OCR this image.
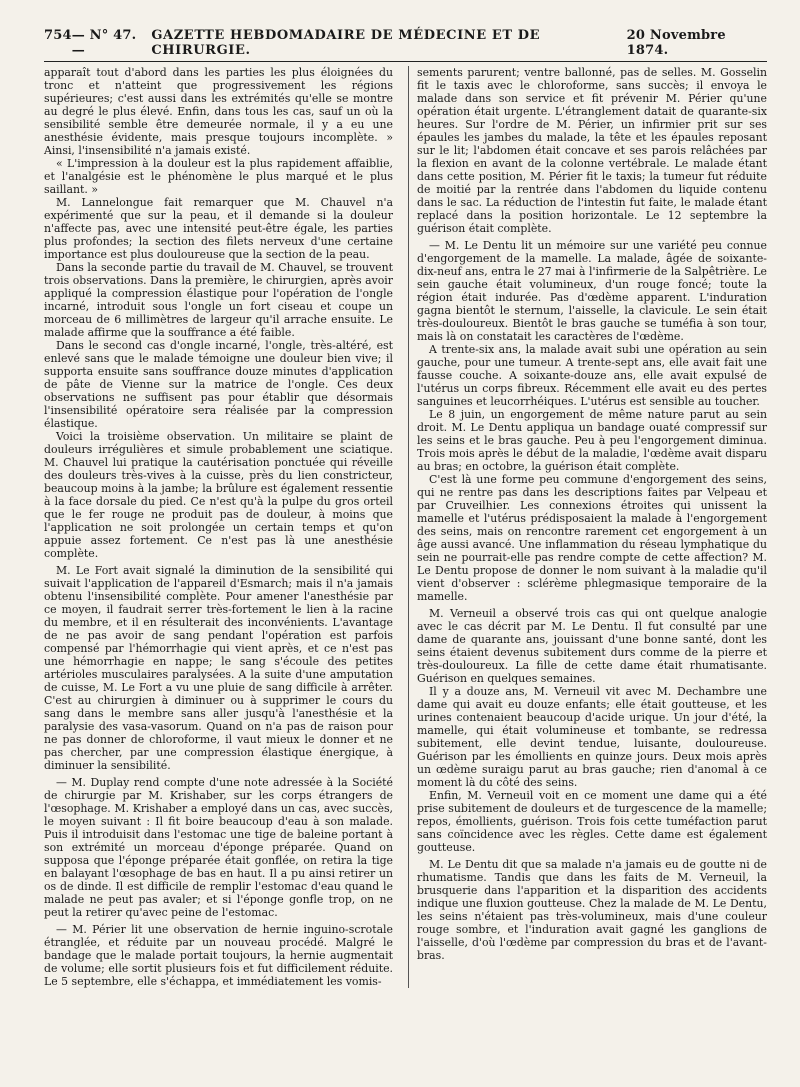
754 — N° 47. —
GAZETTE HEBDOMADAIRE DE MÉDECINE ET DE CHIRURGIE.
20 Novembre 1874.

apparaît tout d'abord dans les parties les plus éloignées du tronc et n'atteint que progressivement les régions supérieures; c'est aussi dans les extrémités qu'elle se montre au degré le plus élevé. Enfin, dans tous les cas, sauf un où la sensibilité semble être demeurée normale, il y a eu une anesthésie évidente, mais presque toujours incomplète. » Ainsi, l'insensibilité n'a jamais existé.

« L'impression à la douleur est la plus rapidement affaiblie, et l'analgésie est le phénomène le plus marqué et le plus saillant. »

M. Lannelongue fait remarquer que M. Chauvel n'a expérimenté que sur la peau, et il demande si la douleur n'affecte pas, avec une intensité peut-être égale, les parties plus profondes; la section des filets nerveux d'une certaine importance est plus douloureuse que la section de la peau.

Dans la seconde partie du travail de M. Chauvel, se trouvent trois observations. Dans la première, le chirurgien, après avoir appliqué la compression élastique pour l'opération de l'ongle incarné, introduit sous l'ongle un fort ciseau et coupe un morceau de 6 millimètres de largeur qu'il arrache ensuite. Le malade affirme que la souffrance a été faible.

Dans le second cas d'ongle incarné, l'ongle, très-altéré, est enlevé sans que le malade témoigne une douleur bien vive; il supporta ensuite sans souffrance douze minutes d'application de pâte de Vienne sur la matrice de l'ongle. Ces deux observations ne suffisent pas pour établir que désormais l'insensibilité opératoire sera réalisée par la compression élastique.

Voici la troisième observation. Un militaire se plaint de douleurs irrégulières et simule probablement une sciatique. M. Chauvel lui pratique la cautérisation ponctuée qui réveille des douleurs très-vives à la cuisse, près du lien constricteur, beaucoup moins à la jambe; la brûlure est également ressentie à la face dorsale du pied. Ce n'est qu'à la pulpe du gros orteil que le fer rouge ne produit pas de douleur, à moins que l'application ne soit prolongée un certain temps et qu'on appuie assez fortement. Ce n'est pas là une anesthésie complète.

M. Le Fort avait signalé la diminution de la sensibilité qui suivait l'application de l'appareil d'Esmarch; mais il n'a jamais obtenu l'insensibilité complète. Pour amener l'anesthésie par ce moyen, il faudrait serrer très-fortement le lien à la racine du membre, et il en résulterait des inconvénients. L'avantage de ne pas avoir de sang pendant l'opération est parfois compensé par l'hémorrhagie qui vient après, et ce n'est pas une hémorrhagie en nappe; le sang s'écoule des petites artérioles musculaires paralysées. A la suite d'une amputation de cuisse, M. Le Fort a vu une pluie de sang difficile à arrêter. C'est au chirurgien à diminuer ou à supprimer le cours du sang dans le membre sans aller jusqu'à l'anesthésie et la paralysie des vasa-vasorum. Quand on n'a pas de raison pour ne pas donner de chloroforme, il vaut mieux le donner et ne pas chercher, par une compression élastique énergique, à diminuer la sensibilité.

— M. Duplay rend compte d'une note adressée à la Société de chirurgie par M. Krishaber, sur les corps étrangers de l'œsophage. M. Krishaber a employé dans un cas, avec succès, le moyen suivant : Il fit boire beaucoup d'eau à son malade. Puis il introduisit dans l'estomac une tige de baleine portant à son extrémité un morceau d'éponge préparée. Quand on supposa que l'éponge préparée était gonflée, on retira la tige en balayant l'œsophage de bas en haut. Il a pu ainsi retirer un os de dinde. Il est difficile de remplir l'estomac d'eau quand le malade ne peut pas avaler; et si l'éponge gonfle trop, on ne peut la retirer qu'avec peine de l'estomac.

— M. Périer lit une observation de hernie inguino-scrotale étranglée, et réduite par un nouveau procédé. Malgré le bandage que le malade portait toujours, la hernie augmentait de volume; elle sortit plusieurs fois et fut difficilement réduite. Le 5 septembre, elle s'échappa, et immédiatement les vomis-

sements parurent; ventre ballonné, pas de selles. M. Gosselin fit le taxis avec le chloroforme, sans succès; il envoya le malade dans son service et fit prévenir M. Périer qu'une opération était urgente. L'étranglement datait de quarante-six heures. Sur l'ordre de M. Périer, un infirmier prit sur ses épaules les jambes du malade, la tête et les épaules reposant sur le lit; l'abdomen était concave et ses parois relâchées par la flexion en avant de la colonne vertébrale. Le malade étant dans cette position, M. Périer fit le taxis; la tumeur fut réduite de moitié par la rentrée dans l'abdomen du liquide contenu dans le sac. La réduction de l'intestin fut faite, le malade étant replacé dans la position horizontale. Le 12 septembre la guérison était complète.

— M. Le Dentu lit un mémoire sur une variété peu connue d'engorgement de la mamelle. La malade, âgée de soixante-dix-neuf ans, entra le 27 mai à l'infirmerie de la Salpêtrière. Le sein gauche était volumineux, d'un rouge foncé; toute la région était indurée. Pas d'œdème apparent. L'induration gagna bientôt le sternum, l'aisselle, la clavicule. Le sein était très-douloureux. Bientôt le bras gauche se tuméfia à son tour, mais là on constatait les caractères de l'œdème.

A trente-six ans, la malade avait subi une opération au sein gauche, pour une tumeur. A trente-sept ans, elle avait fait une fausse couche. A soixante-douze ans, elle avait expulsé de l'utérus un corps fibreux. Récemment elle avait eu des pertes sanguines et leucorrhéiques. L'utérus est sensible au toucher.

Le 8 juin, un engorgement de même nature parut au sein droit. M. Le Dentu appliqua un bandage ouaté compressif sur les seins et le bras gauche. Peu à peu l'engorgement diminua. Trois mois après le début de la maladie, l'œdème avait disparu au bras; en octobre, la guérison était complète.

C'est là une forme peu commune d'engorgement des seins, qui ne rentre pas dans les descriptions faites par Velpeau et par Cruveilhier. Les connexions étroites qui unissent la mamelle et l'utérus prédisposaient la malade à l'engorgement des seins, mais on rencontre rarement cet engorgement à un âge aussi avancé. Une inflammation du réseau lymphatique du sein ne pourrait-elle pas rendre compte de cette affection? M. Le Dentu propose de donner le nom suivant à la maladie qu'il vient d'observer : sclérème phlegmasique temporaire de la mamelle.

M. Verneuil a observé trois cas qui ont quelque analogie avec le cas décrit par M. Le Dentu. Il fut consulté par une dame de quarante ans, jouissant d'une bonne santé, dont les seins étaient devenus subitement durs comme de la pierre et très-douloureux. La fille de cette dame était rhumatisante. Guérison en quelques semaines.

Il y a douze ans, M. Verneuil vit avec M. Dechambre une dame qui avait eu douze enfants; elle était goutteuse, et les urines contenaient beaucoup d'acide urique. Un jour d'été, la mamelle, qui était volumineuse et tombante, se redressa subitement, elle devint tendue, luisante, douloureuse. Guérison par les émollients en quinze jours. Deux mois après un œdème suraigu parut au bras gauche; rien d'anomal à ce moment là du côté des seins.

Enfin, M. Verneuil voit en ce moment une dame qui a été prise subitement de douleurs et de turgescence de la mamelle; repos, émollients, guérison. Trois fois cette tuméfaction parut sans coïncidence avec les règles. Cette dame est également goutteuse.

M. Le Dentu dit que sa malade n'a jamais eu de goutte ni de rhumatisme. Tandis que dans les faits de M. Verneuil, la brusquerie dans l'apparition et la disparition des accidents indique une fluxion goutteuse. Chez la malade de M. Le Dentu, les seins n'étaient pas très-volumineux, mais d'une couleur rouge sombre, et l'induration avait gagné les ganglions de l'aisselle, d'où l'œdème par compression du bras et de l'avant-bras.
